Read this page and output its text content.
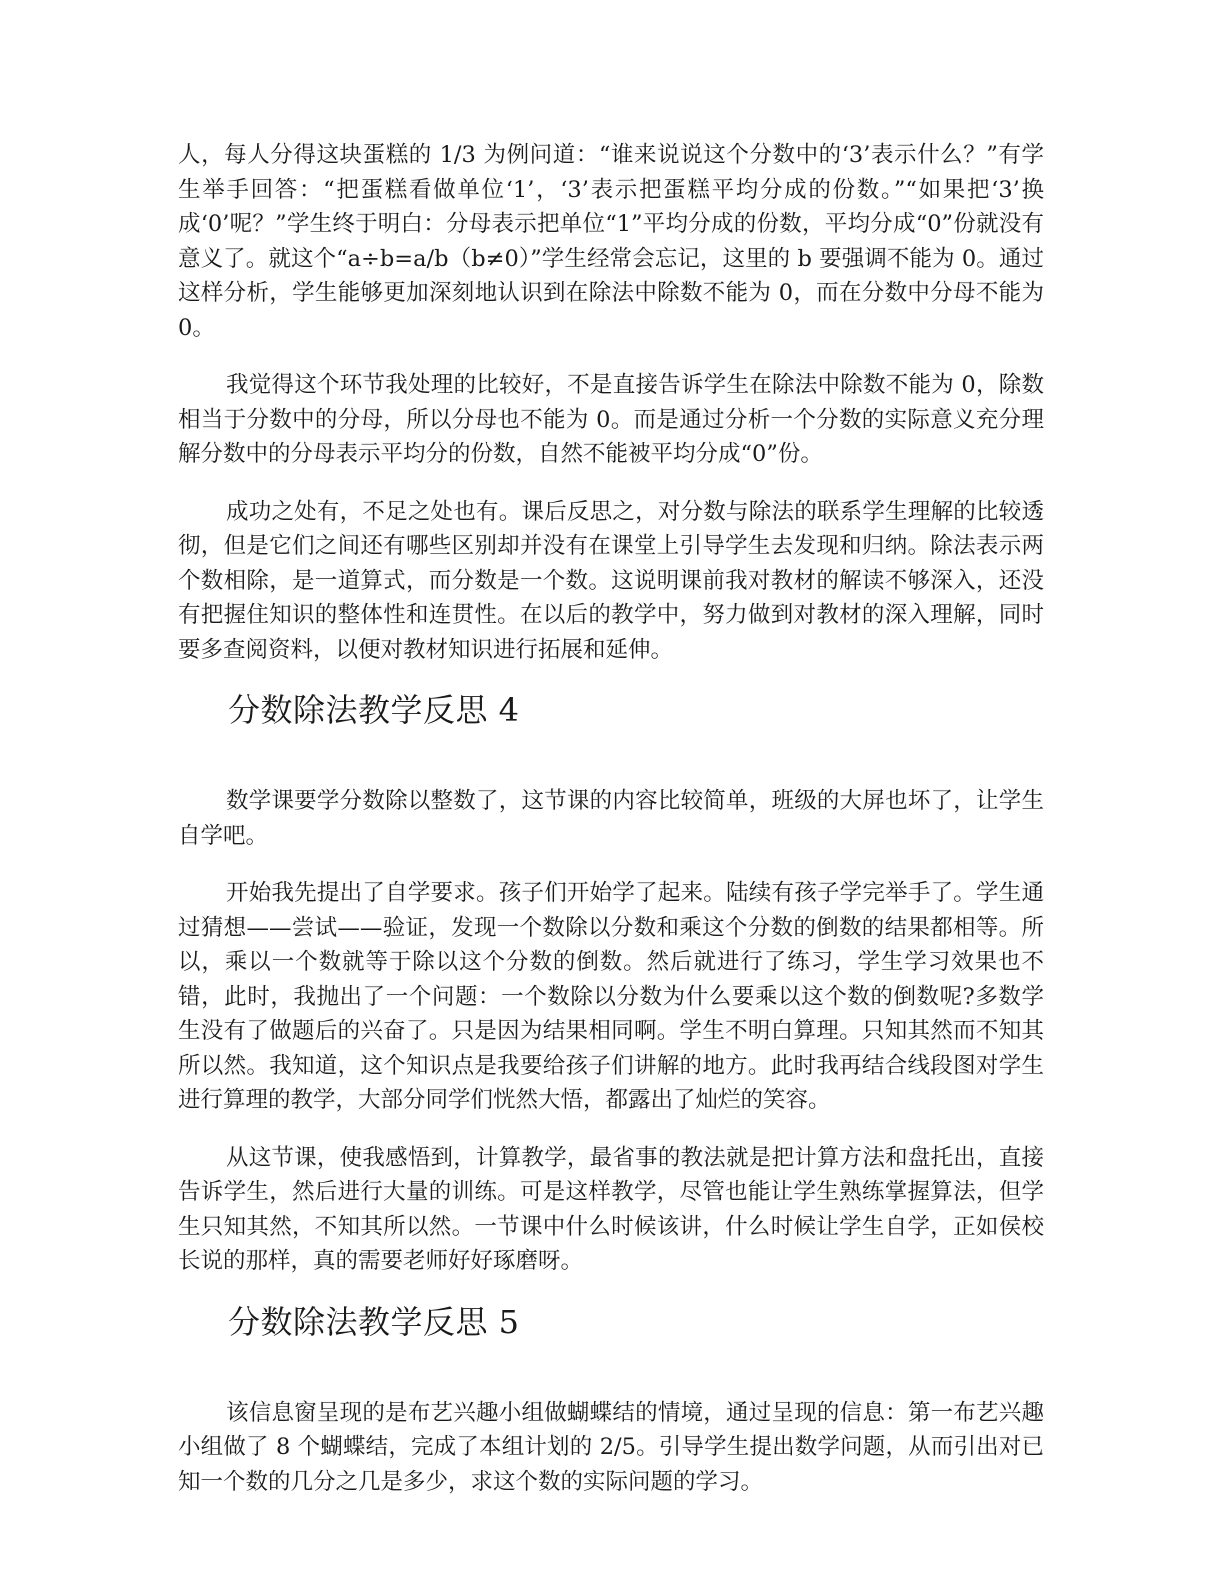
人，每人分得这块蛋糕的 1/3 为例问道：“谁来说说这个分数中的‘3’表示什么？”有学生举手回答：“把蛋糕看做单位‘1’，‘3’表示把蛋糕平均分成的份数。”“如果把‘3’换成‘0’呢？”学生终于明白：分母表示把单位“1”平均分成的份数，平均分成“0”份就没有意义了。就这个“a÷b=a/b（b≠0）”学生经常会忘记，这里的 b 要强调不能为 0。通过这样分析，学生能够更加深刻地认识到在除法中除数不能为 0，而在分数中分母不能为 0。

我觉得这个环节我处理的比较好，不是直接告诉学生在除法中除数不能为 0，除数相当于分数中的分母，所以分母也不能为 0。而是通过分析一个分数的实际意义充分理解分数中的分母表示平均分的份数，自然不能被平均分成“0”份。

成功之处有，不足之处也有。课后反思之，对分数与除法的联系学生理解的比较透彻，但是它们之间还有哪些区别却并没有在课堂上引导学生去发现和归纳。除法表示两个数相除，是一道算式，而分数是一个数。这说明课前我对教材的解读不够深入，还没有把握住知识的整体性和连贯性。在以后的教学中，努力做到对教材的深入理解，同时要多查阅资料，以便对教材知识进行拓展和延伸。

分数除法教学反思 4

数学课要学分数除以整数了，这节课的内容比较简单，班级的大屏也坏了，让学生自学吧。

开始我先提出了自学要求。孩子们开始学了起来。陆续有孩子学完举手了。学生通过猜想——尝试——验证，发现一个数除以分数和乘这个分数的倒数的结果都相等。所以，乘以一个数就等于除以这个分数的倒数。然后就进行了练习，学生学习效果也不错，此时，我抛出了一个问题：一个数除以分数为什么要乘以这个数的倒数呢?多数学生没有了做题后的兴奋了。只是因为结果相同啊。学生不明白算理。只知其然而不知其所以然。我知道，这个知识点是我要给孩子们讲解的地方。此时我再结合线段图对学生进行算理的教学，大部分同学们恍然大悟，都露出了灿烂的笑容。

从这节课，使我感悟到，计算教学，最省事的教法就是把计算方法和盘托出，直接告诉学生，然后进行大量的训练。可是这样教学，尽管也能让学生熟练掌握算法，但学生只知其然，不知其所以然。一节课中什么时候该讲，什么时候让学生自学，正如侯校长说的那样，真的需要老师好好琢磨呀。

分数除法教学反思 5

该信息窗呈现的是布艺兴趣小组做蝴蝶结的情境，通过呈现的信息：第一布艺兴趣小组做了 8 个蝴蝶结，完成了本组计划的 2/5。引导学生提出数学问题，从而引出对已知一个数的几分之几是多少，求这个数的实际问题的学习。
